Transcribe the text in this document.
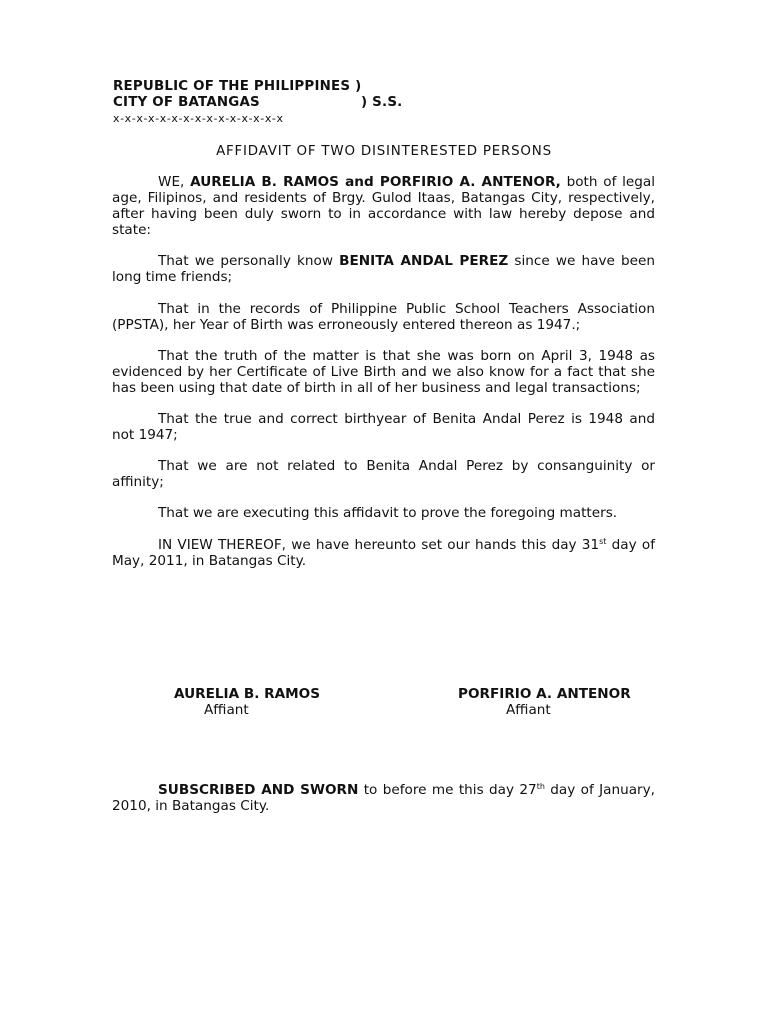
REPUBLIC OF THE PHILIPPINES )
CITY OF BATANGAS	) S.S.
x-x-x-x-x-x-x-x-x-x-x-x-x-x-x
AFFIDAVIT OF TWO DISINTERESTED PERSONS

WE, AURELIA B. RAMOS and PORFIRIO A. ANTENOR, both of legal age, Filipinos, and residents of Brgy. Gulod Itaas, Batangas City, respectively, after having been duly sworn to in accordance with law hereby depose and state:

That we personally know BENITA ANDAL PEREZ since we have been long time friends;

That in the records of Philippine Public School Teachers Association (PPSTA), her Year of Birth was erroneously entered thereon as 1947.;

That the truth of the matter is that she was born on April 3, 1948 as evidenced by her Certificate of Live Birth and we also know for a fact that she has been using that date of birth in all of her business and legal transactions;

That the true and correct birthyear of Benita Andal Perez is 1948 and not 1947;

That we are not related to Benita Andal Perez by consanguinity or affinity;

That we are executing this affidavit to prove the foregoing matters.

IN VIEW THEREOF, we have hereunto set our hands this day 31st day of May, 2011, in Batangas City.

AURELIA B. RAMOS
Affiant
PORFIRIO A. ANTENOR
Affiant

SUBSCRIBED AND SWORN to before me this day 27th day of January, 2010, in Batangas City.
